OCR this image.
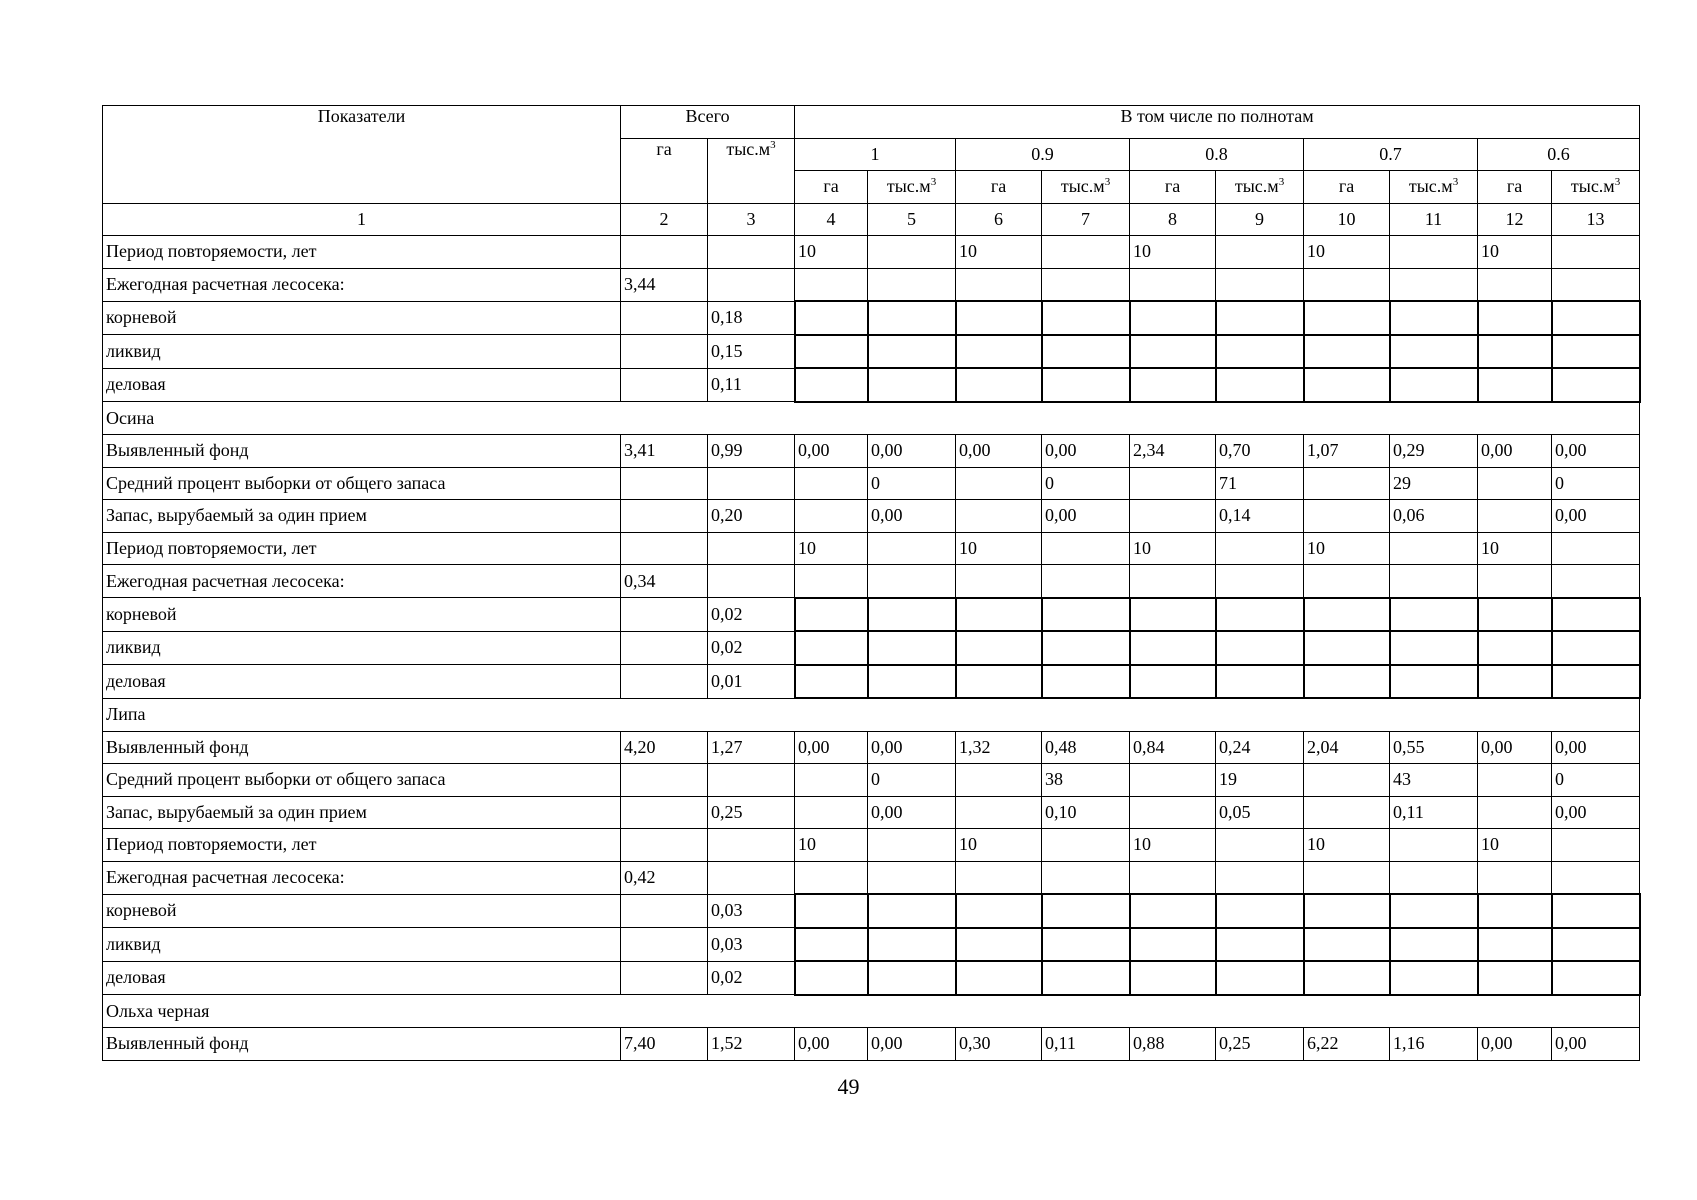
Показатели	Всего		В том числе по полнотам									
	га	$тыс.м^3$	1		0.9		0.8		0.7		0.6	
			га	$тыс.м^3$	га	$тыс.м^3$	га	$тыс.м^3$	га	$тыс.м^3$	га	$тыс.м^3$
1	2	3	4	5	6	7	8	9	10	11	12	13
Период повторяемости, лет			10		10		10		10		10	
Ежегодная расчетная лесосека:	3,44											
корневой		0,18										
ликвид		0,15										
деловая		0,11										
Осина												
Выявленный фонд	3,41	0,99	0,00	0,00	0,00	0,00	2,34	0,70	1,07	0,29	0,00	0,00
Средний процент выборки от общего запаса				0		0		71		29		0
Запас, вырубаемый за один прием		0,20		0,00		0,00		0,14		0,06		0,00
Период повторяемости, лет			10		10		10		10		10	
Ежегодная расчетная лесосека:	0,34											
корневой		0,02										
ликвид		0,02										
деловая		0,01										
Липа												
Выявленный фонд	4,20	1,27	0,00	0,00	1,32	0,48	0,84	0,24	2,04	0,55	0,00	0,00
Средний процент выборки от общего запаса				0		38		19		43		0
Запас, вырубаемый за один прием		0,25		0,00		0,10		0,05		0,11		0,00
Период повторяемости, лет			10		10		10		10		10	
Ежегодная расчетная лесосека:	0,42											
корневой		0,03										
ликвид		0,03										
деловая		0,02										
Ольха черная												
Выявленный фонд	7,40	1,52	0,00	0,00	0,30	0,11	0,88	0,25	6,22	1,16	0,00	0,00
49
